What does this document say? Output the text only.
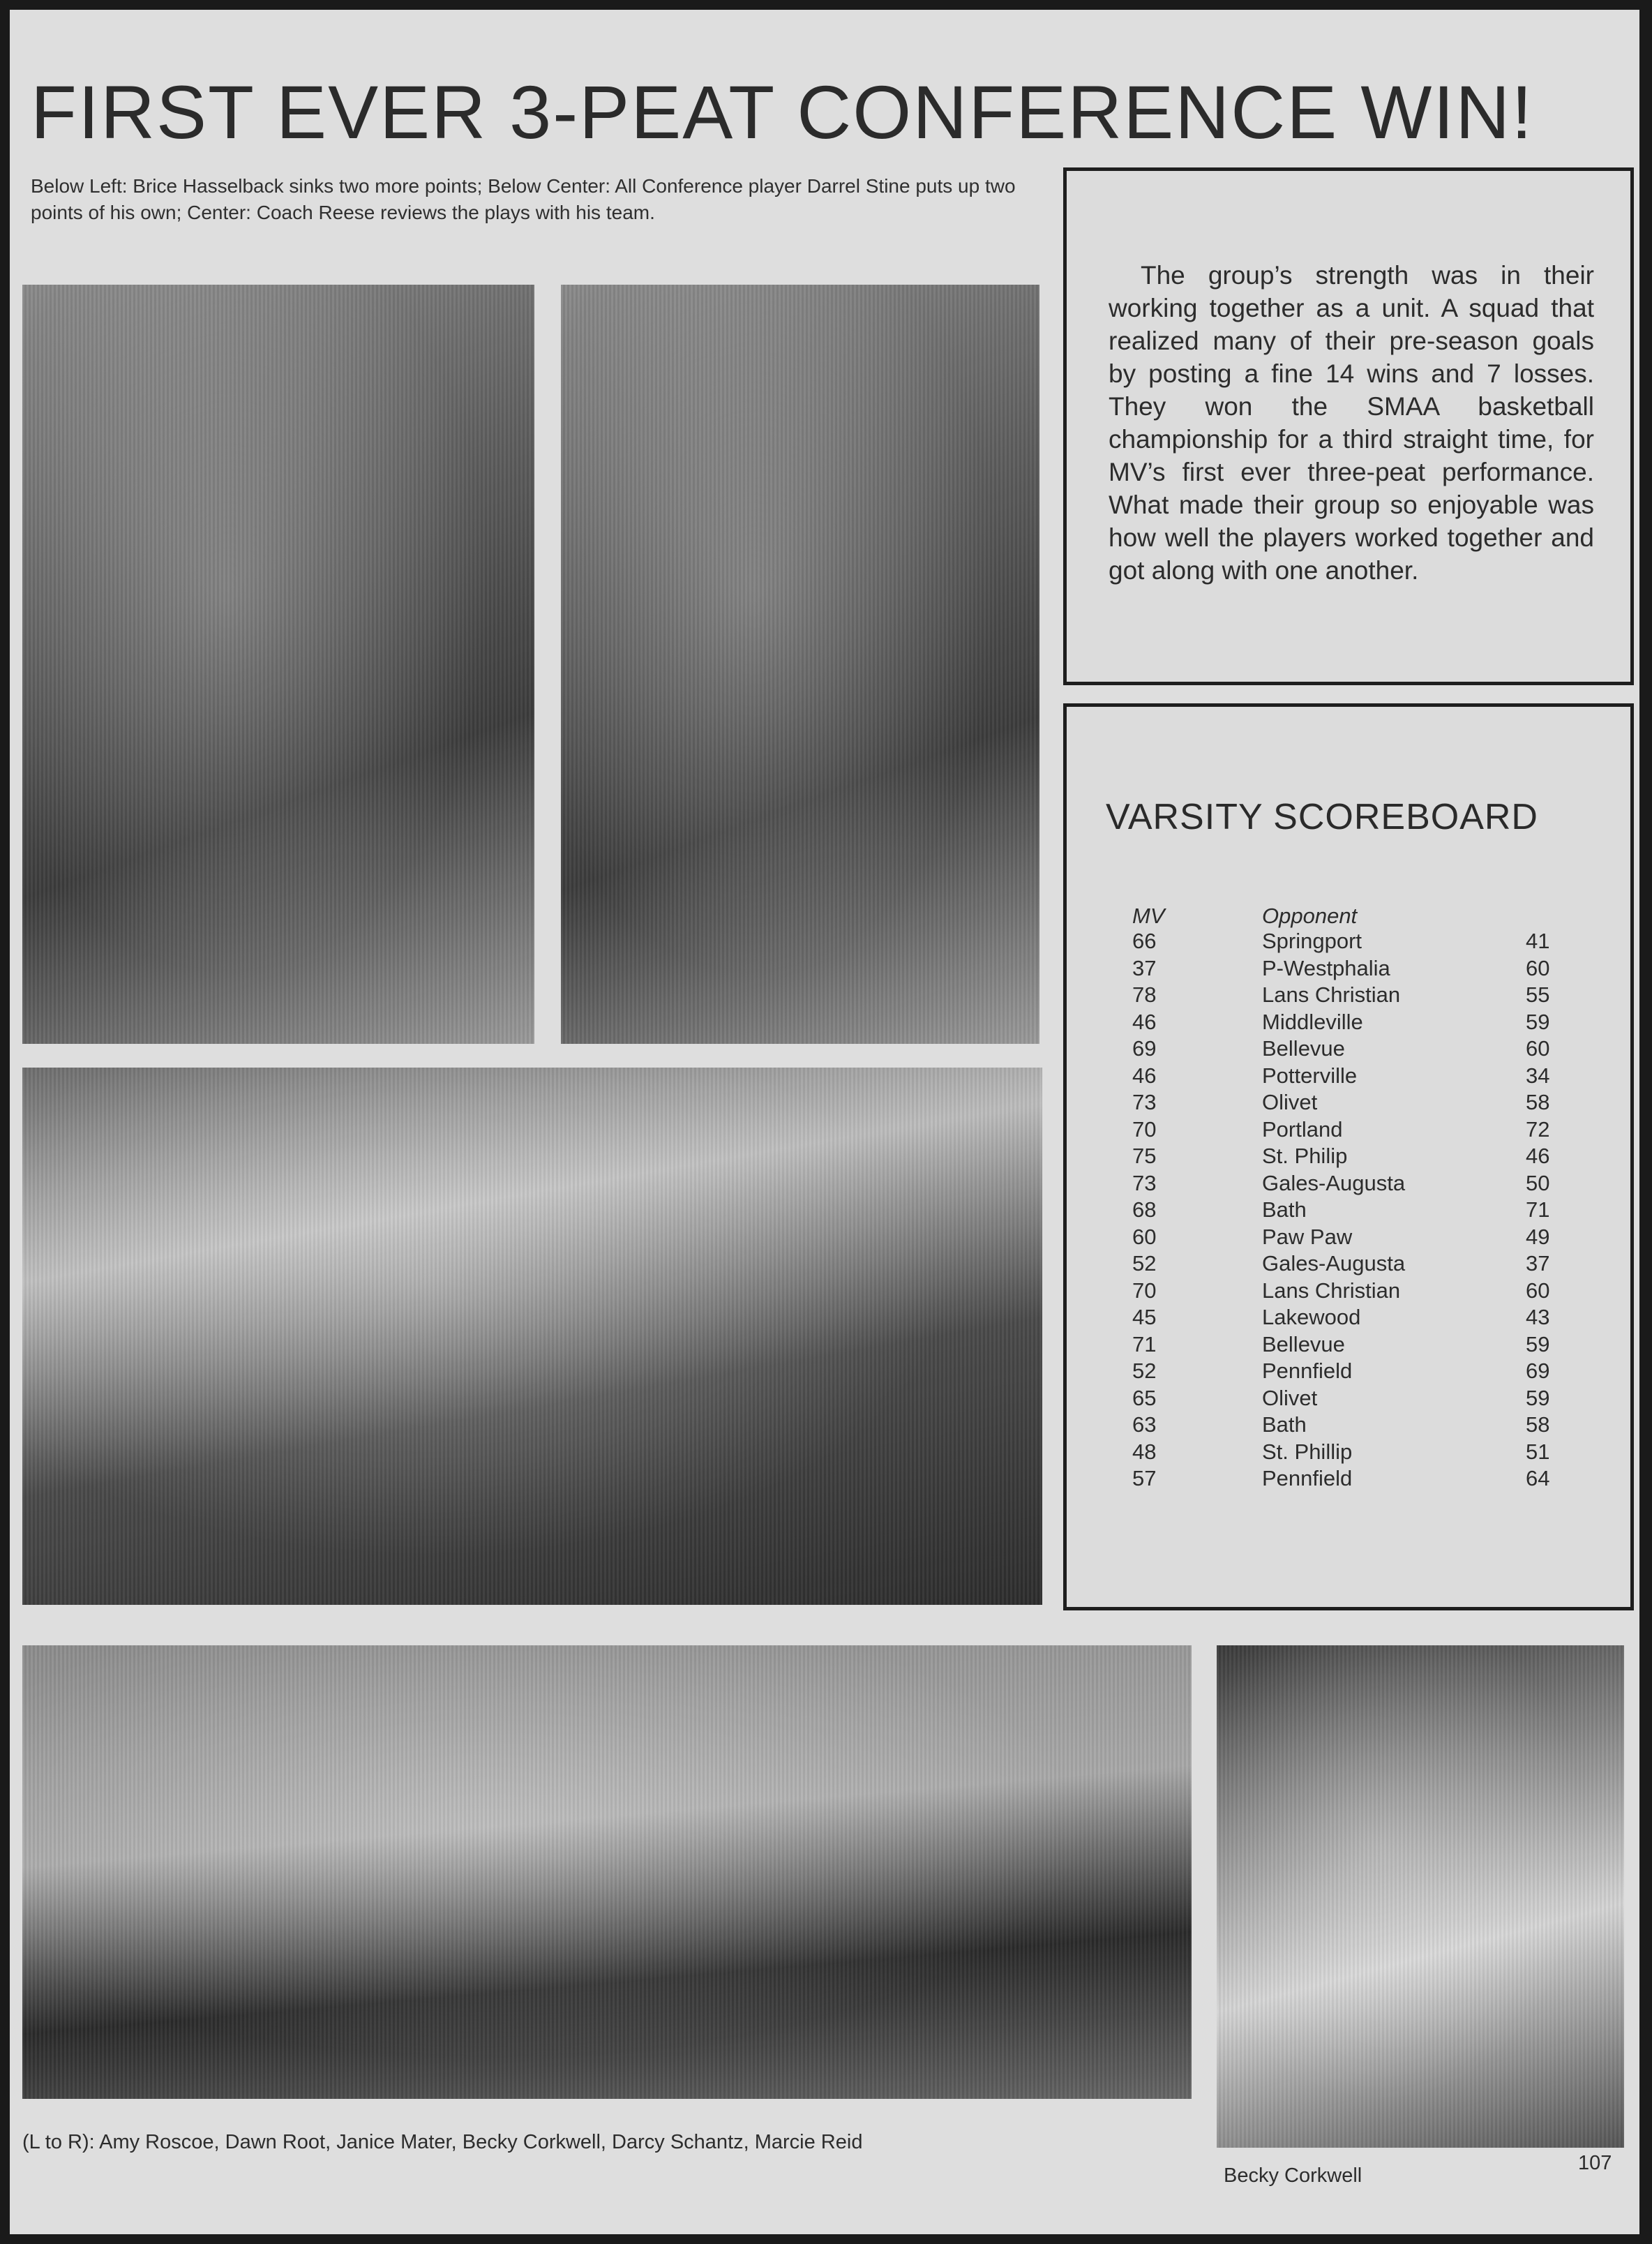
FIRST EVER 3-PEAT CONFERENCE WIN!
Below Left: Brice Hasselback sinks two more points; Below Center: All Conference player Darrel Stine puts up two points of his own; Center: Coach Reese reviews the plays with his team.
The group’s strength was in their working together as a unit. A squad that realized many of their pre-season goals by posting a fine 14 wins and 7 losses. They won the SMAA basketball championship for a third straight time, for MV’s first ever three-peat performance. What made their group so enjoyable was how well the players worked together and got along with one another.
VARSITY SCOREBOARD
MV	Opponent
66	Springport	41
37	P-Westphalia	60
78	Lans Christian	55
46	Middleville	59
69	Bellevue	60
46	Potterville	34
73	Olivet	58
70	Portland	72
75	St. Philip	46
73	Gales-Augusta	50
68	Bath	71
60	Paw Paw	49
52	Gales-Augusta	37
70	Lans Christian	60
45	Lakewood	43
71	Bellevue	59
52	Pennfield	69
65	Olivet	59
63	Bath	58
48	St. Phillip	51
57	Pennfield	64
(L to R): Amy Roscoe, Dawn Root, Janice Mater, Becky Corkwell, Darcy Schantz, Marcie Reid
Becky Corkwell
107
